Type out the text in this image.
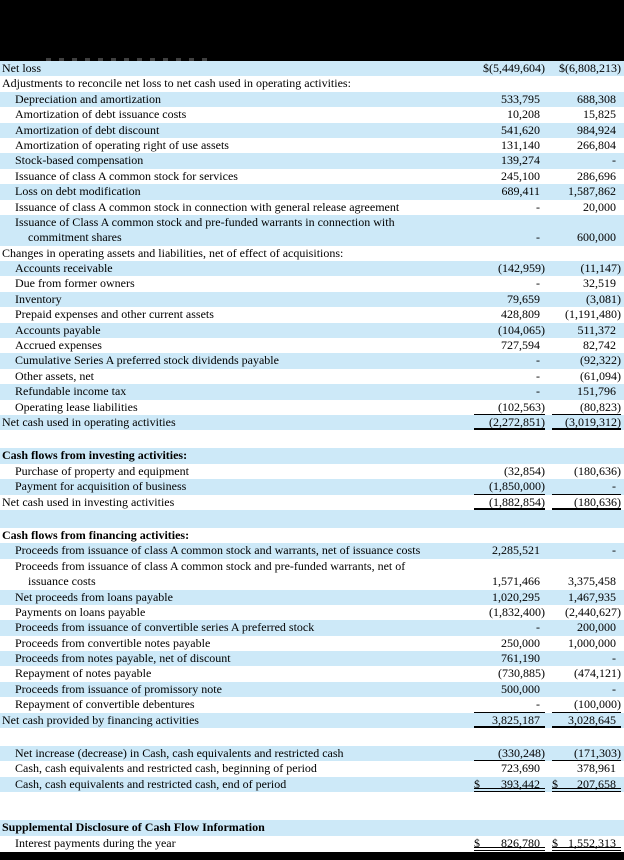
Net loss	$(5,449,604)	$(6,808,213)
Adjustments to reconcile net loss to net cash used in operating activities:
Depreciation and amortization	533,795	688,308
Amortization of debt issuance costs	10,208	15,825
Amortization of debt discount	541,620	984,924
Amortization of operating right of use assets	131,140	266,804
Stock-based compensation	139,274	-
Issuance of class A common stock for services	245,100	286,696
Loss on debt modification	689,411	1,587,862
Issuance of class A common stock in connection with general release agreement	-	20,000
Issuance of Class A common stock and pre-funded warrants in connection with
commitment shares	-	600,000
Changes in operating assets and liabilities, net of effect of acquisitions:
Accounts receivable	(142,959)	(11,147)
Due from former owners	-	32,519
Inventory	79,659	(3,081)
Prepaid expenses and other current assets	428,809	(1,191,480)
Accounts payable	(104,065)	511,372
Accrued expenses	727,594	82,742
Cumulative Series A preferred stock dividends payable	-	(92,322)
Other assets, net	-	(61,094)
Refundable income tax	-	151,796
Operating lease liabilities	(102,563)	(80,823)
Net cash used in operating activities	(2,272,851)	(3,019,312)
Cash flows from investing activities:
Purchase of property and equipment	(32,854)	(180,636)
Payment for acquisition of business	(1,850,000)	-
Net cash used in investing activities	(1,882,854)	(180,636)
Cash flows from financing activities:
Proceeds from issuance of class A common stock and warrants, net of issuance costs	2,285,521	-
Proceeds from issuance of class A common stock and pre-funded warrants, net of
issuance costs	1,571,466	3,375,458
Net proceeds from loans payable	1,020,295	1,467,935
Payments on loans payable	(1,832,400)	(2,440,627)
Proceeds from issuance of convertible series A preferred stock	-	200,000
Proceeds from convertible notes payable	250,000	1,000,000
Proceeds from notes payable, net of discount	761,190	-
Repayment of notes payable	(730,885)	(474,121)
Proceeds from issuance of promissory note	500,000	-
Repayment of convertible debentures	-	(100,000)
Net cash provided by financing activities	3,825,187	3,028,645
Net increase (decrease) in Cash, cash equivalents and restricted cash	(330,248)	(171,303)
Cash, cash equivalents and restricted cash, beginning of period	723,690	378,961
Cash, cash equivalents and restricted cash, end of period	$	393,442	$	207,658
Supplemental Disclosure of Cash Flow Information
Interest payments during the year	$	826,780	$ 1,552,313
